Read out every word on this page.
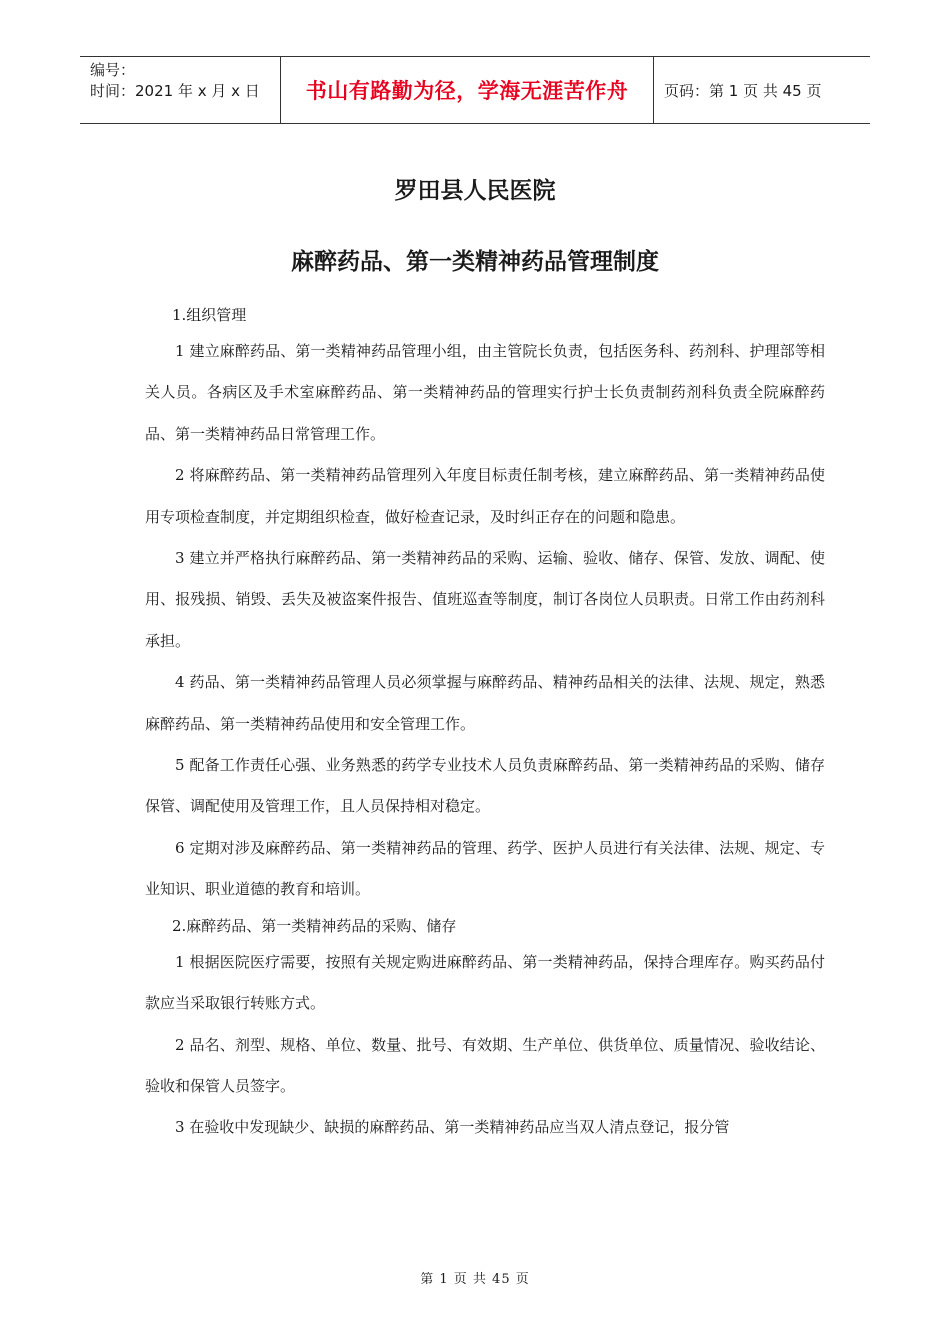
编号：
时间：2021 年 x 月 x 日	书山有路勤为径，学海无涯苦作舟 页码：第 1 页 共 45 页
罗田县人民医院
麻醉药品、第一类精神药品管理制度

1.组织管理

1 建立麻醉药品、第一类精神药品管理小组，由主管院长负责，包括医务科、药剂科、护理部等相关人员。各病区及手术室麻醉药品、第一类精神药品的管理实行护士长负责制药剂科负责全院麻醉药品、第一类精神药品日常管理工作。

2 将麻醉药品、第一类精神药品管理列入年度目标责任制考核，建立麻醉药品、第一类精神药品使用专项检查制度，并定期组织检查，做好检查记录，及时纠正存在的问题和隐患。

3 建立并严格执行麻醉药品、第一类精神药品的采购、运输、验收、储存、保管、发放、调配、使用、报残损、销毁、丢失及被盗案件报告、值班巡查等制度，制订各岗位人员职责。日常工作由药剂科承担。

4 药品、第一类精神药品管理人员必须掌握与麻醉药品、精神药品相关的法律、法规、规定，熟悉麻醉药品、第一类精神药品使用和安全管理工作。

5 配备工作责任心强、业务熟悉的药学专业技术人员负责麻醉药品、第一类精神药品的采购、储存保管、调配使用及管理工作，且人员保持相对稳定。

6 定期对涉及麻醉药品、第一类精神药品的管理、药学、医护人员进行有关法律、法规、规定、专业知识、职业道德的教育和培训。

2.麻醉药品、第一类精神药品的采购、储存

1 根据医院医疗需要，按照有关规定购进麻醉药品、第一类精神药品，保持合理库存。购买药品付款应当采取银行转账方式。

2 品名、剂型、规格、单位、数量、批号、有效期、生产单位、供货单位、质量情况、验收结论、验收和保管人员签字。

3 在验收中发现缺少、缺损的麻醉药品、第一类精神药品应当双人清点登记，报分管

第 1 页 共 45 页
